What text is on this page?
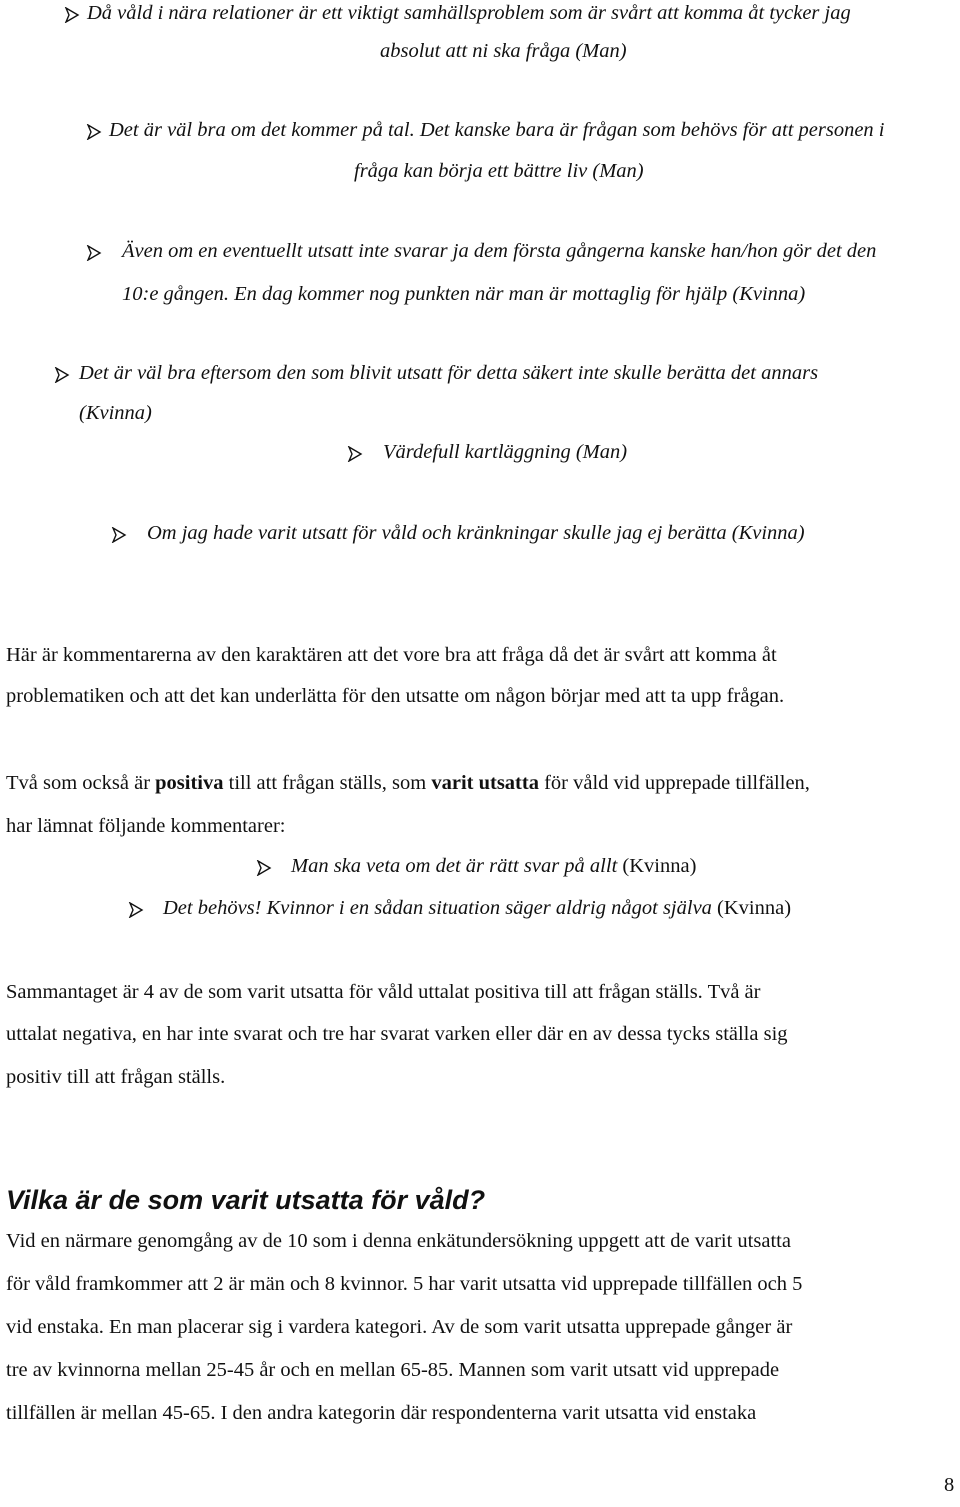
Då våld i nära relationer är ett viktigt samhällsproblem som är svårt att komma åt tycker jag
absolut att ni ska fråga (Man)
Det är väl bra om det kommer på tal. Det kanske bara är frågan som behövs för att personen i
fråga kan börja ett bättre liv (Man)
Även om en eventuellt utsatt inte svarar ja dem första gångerna kanske han/hon gör det den
10:e gången. En dag kommer nog punkten när man är mottaglig för hjälp (Kvinna)
Det är väl bra eftersom den som blivit utsatt för detta säkert inte skulle berätta det annars
(Kvinna)
Värdefull kartläggning (Man)
Om jag hade varit utsatt för våld och kränkningar skulle jag ej berätta (Kvinna)
Här är kommentarerna av den karaktären att det vore bra att fråga då det är svårt att komma åt
problematiken och att det kan underlätta för den utsatte om någon börjar med att ta upp frågan.
Två som också är positiva till att frågan ställs, som varit utsatta för våld vid upprepade tillfällen,
har lämnat följande kommentarer:
Man ska veta om det är rätt svar på allt (Kvinna)
Det behövs! Kvinnor i en sådan situation säger aldrig något själva (Kvinna)
Sammantaget är 4 av de som varit utsatta för våld uttalat positiva till att frågan ställs. Två är
uttalat negativa, en har inte svarat och tre har svarat varken eller där en av dessa tycks ställa sig
positiv till att frågan ställs.
Vilka är de som varit utsatta för våld?
Vid en närmare genomgång av de 10 som i denna enkätundersökning uppgett att de varit utsatta
för våld framkommer att 2 är män och 8 kvinnor. 5 har varit utsatta vid upprepade tillfällen och 5
vid enstaka. En man placerar sig i vardera kategori. Av de som varit utsatta upprepade gånger är
tre av kvinnorna mellan 25-45 år och en mellan 65-85. Mannen som varit utsatt vid upprepade
tillfällen är mellan 45-65. I den andra kategorin där respondenterna varit utsatta vid enstaka
8
